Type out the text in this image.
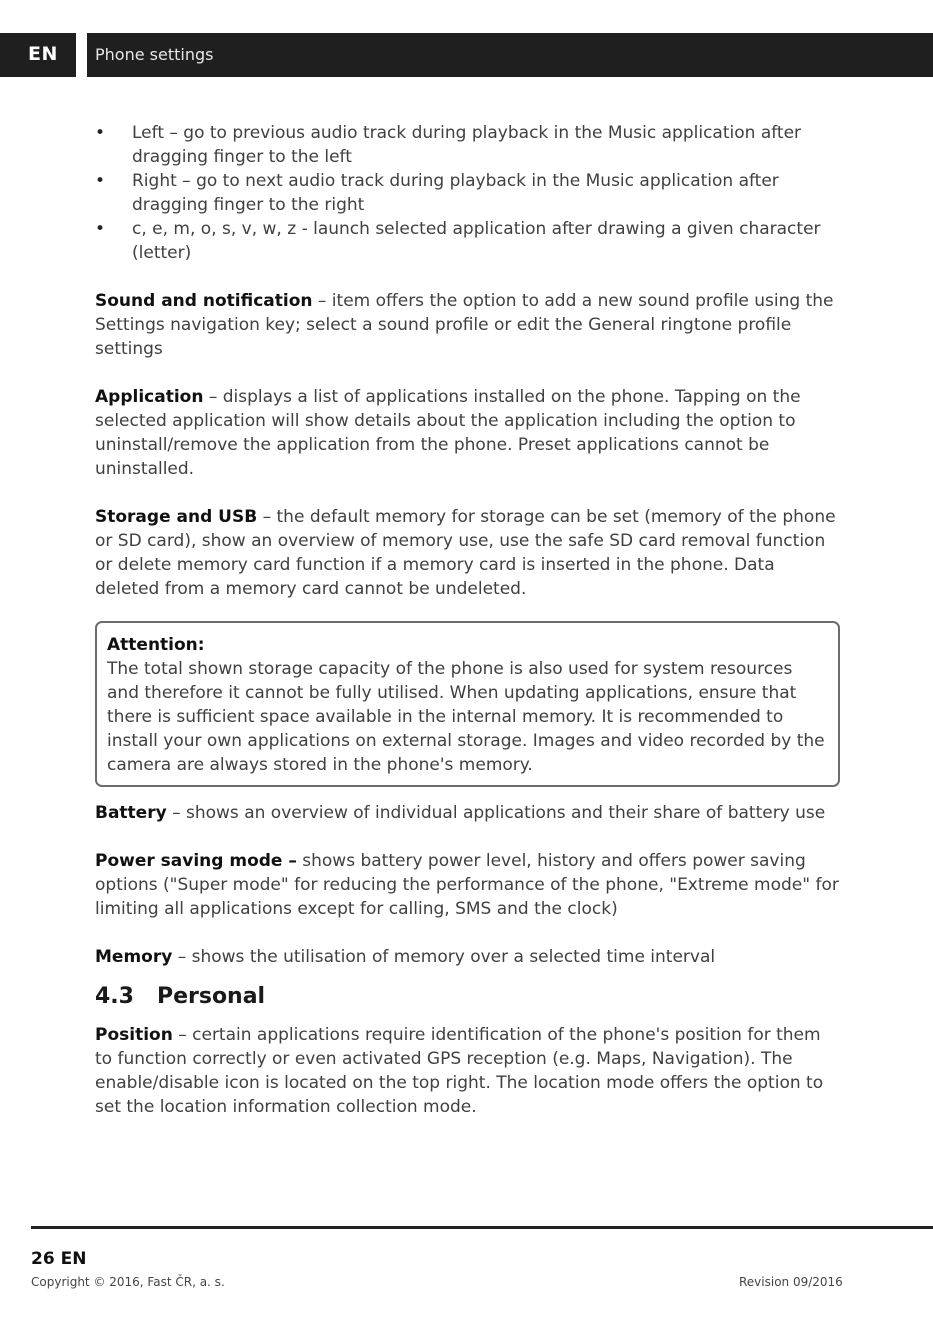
EN Phone settings
• Left – go to previous audio track during playback in the Music application after dragging finger to the left
• Right – go to next audio track during playback in the Music application after dragging finger to the right
• c, e, m, o, s, v, w, z - launch selected application after drawing a given character (letter)

Sound and notification – item offers the option to add a new sound profile using the Settings navigation key; select a sound profile or edit the General ringtone profile settings

Application – displays a list of applications installed on the phone. Tapping on the selected application will show details about the application including the option to uninstall/remove the application from the phone. Preset applications cannot be uninstalled.

Storage and USB – the default memory for storage can be set (memory of the phone or SD card), show an overview of memory use, use the safe SD card removal function or delete memory card function if a memory card is inserted in the phone. Data deleted from a memory card cannot be undeleted.

Attention:
The total shown storage capacity of the phone is also used for system resources and therefore it cannot be fully utilised. When updating applications, ensure that there is sufficient space available in the internal memory. It is recommended to install your own applications on external storage. Images and video recorded by the camera are always stored in the phone's memory.

Battery – shows an overview of individual applications and their share of battery use

Power saving mode – shows battery power level, history and offers power saving options ("Super mode" for reducing the performance of the phone, "Extreme mode" for limiting all applications except for calling, SMS and the clock)

Memory – shows the utilisation of memory over a selected time interval

4.3   Personal

Position – certain applications require identification of the phone's position for them to function correctly or even activated GPS reception (e.g. Maps, Navigation). The enable/disable icon is located on the top right. The location mode offers the option to set the location information collection mode.

26 EN
Copyright © 2016, Fast ČR, a. s.	Revision 09/2016
